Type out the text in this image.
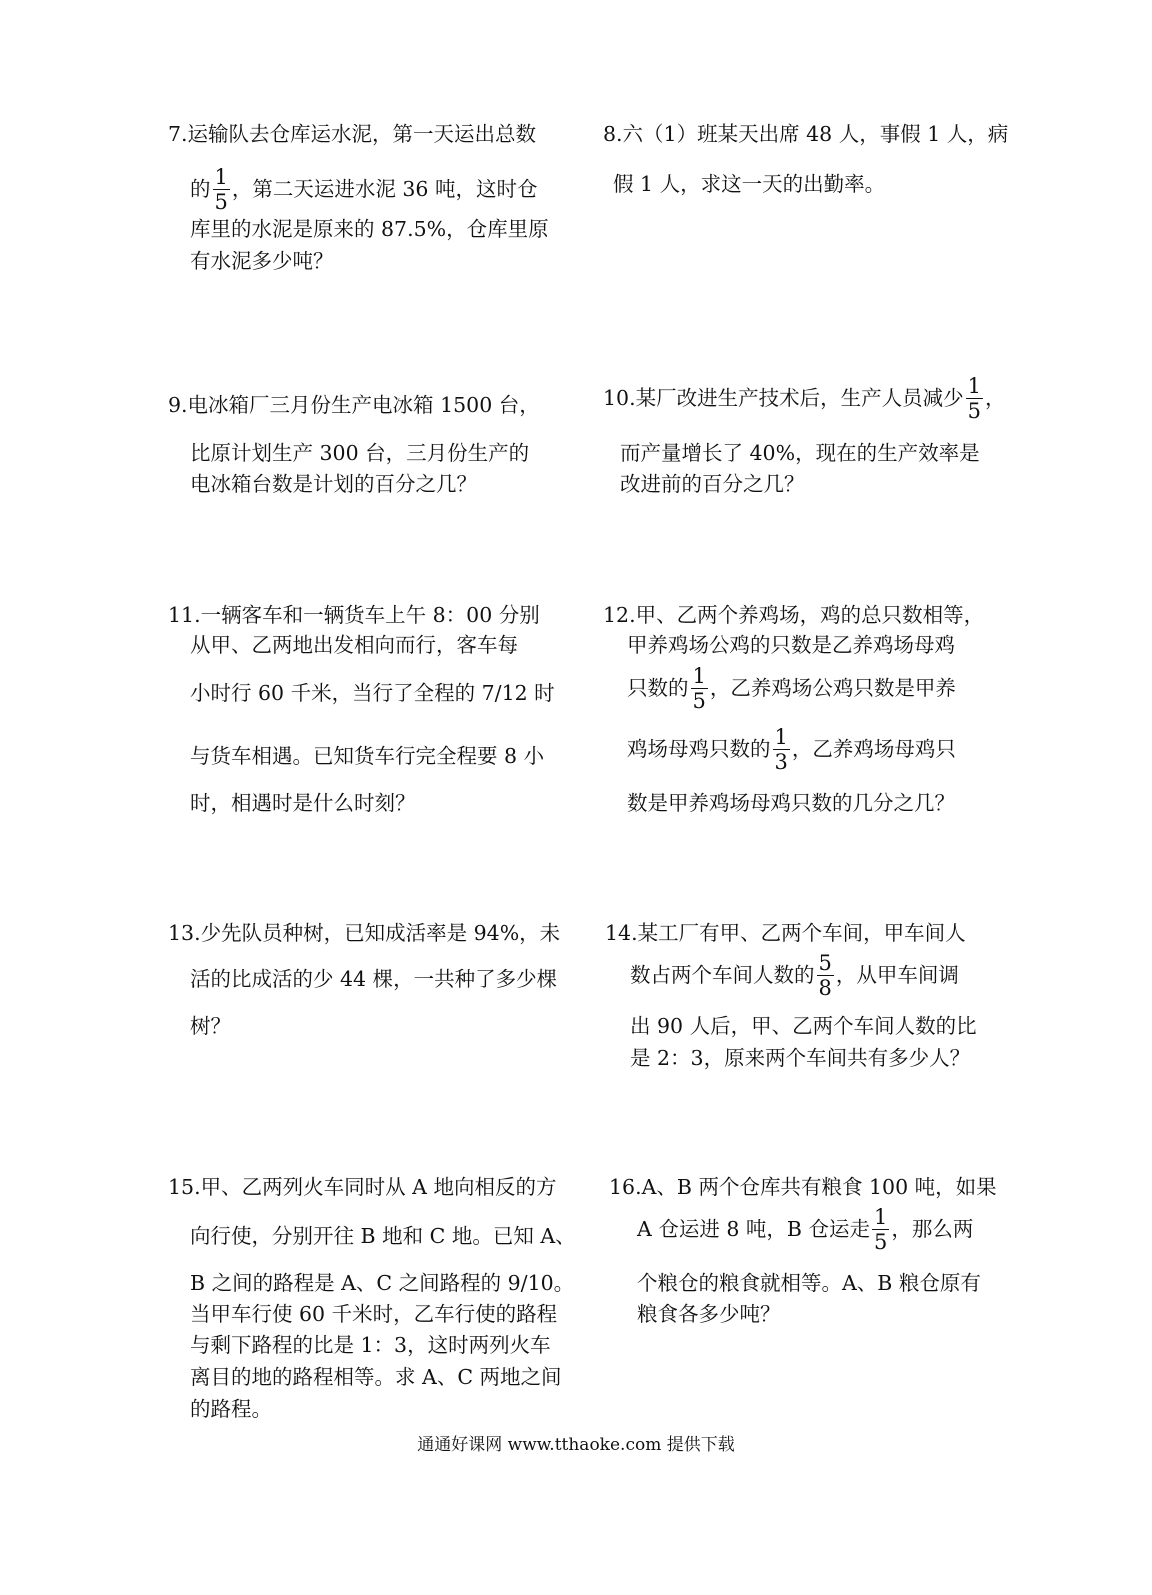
7.运输队去仓库运水泥，第一天运出总数
的 $\frac{1}{5}$ ，第二天运进水泥 36 吨，这时仓
库里的水泥是原来的 87.5%，仓库里原
有水泥多少吨？
8.六（1）班某天出席 48 人，事假 1 人，病
假 1 人，求这一天的出勤率。
9.电冰箱厂三月份生产电冰箱 1500 台，
比原计划生产 300 台，三月份生产的
电冰箱台数是计划的百分之几？
10.某厂改进生产技术后，生产人员减少 $\frac{1}{5}$ ，
而产量增长了 40%，现在的生产效率是
改进前的百分之几？
11.一辆客车和一辆货车上午 8：00 分别
从甲、乙两地出发相向而行，客车每
小时行 60 千米，当行了全程的 7/12 时
与货车相遇。已知货车行完全程要 8 小
时，相遇时是什么时刻？
12.甲、乙两个养鸡场，鸡的总只数相等，
甲养鸡场公鸡的只数是乙养鸡场母鸡
只数的 $\frac{1}{5}$ ，乙养鸡场公鸡只数是甲养
鸡场母鸡只数的 $\frac{1}{3}$ ，乙养鸡场母鸡只
数是甲养鸡场母鸡只数的几分之几？
13.少先队员种树，已知成活率是 94%，未
活的比成活的少 44 棵，一共种了多少棵
树？
14.某工厂有甲、乙两个车间，甲车间人
数占两个车间人数的 $\frac{5}{8}$ ，从甲车间调
出 90 人后，甲、乙两个车间人数的比
是 2：3，原来两个车间共有多少人？
15.甲、乙两列火车同时从 A 地向相反的方
向行使，分别开往 B 地和 C 地。已知 A、
B 之间的路程是 A、C 之间路程的 9/10。
当甲车行使 60 千米时，乙车行使的路程
与剩下路程的比是 1：3，这时两列火车
离目的地的路程相等。求 A、C 两地之间
的路程。
16.A、B 两个仓库共有粮食 100 吨，如果
A 仓运进 8 吨，B 仓运走 $\frac{1}{5}$ ，那么两
个粮仓的粮食就相等。A、B 粮仓原有
粮食各多少吨？
通通好课网 www.tthaoke.com 提供下载
